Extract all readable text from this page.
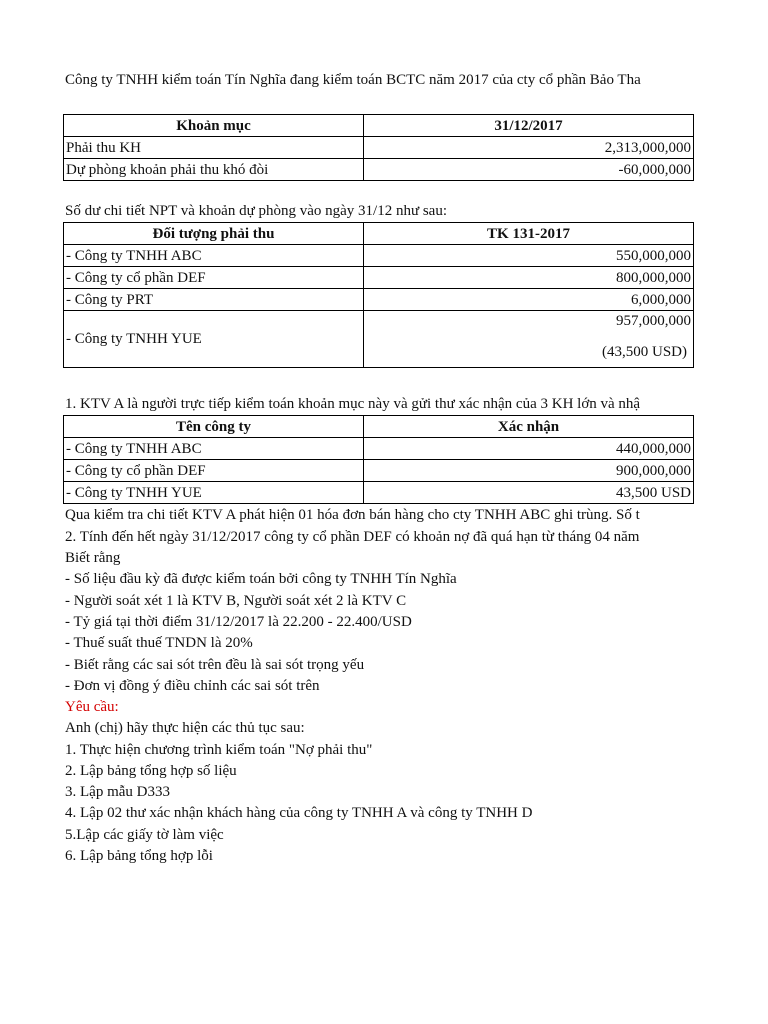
Công ty TNHH kiểm toán Tín Nghĩa đang kiểm toán BCTC năm 2017 của cty cổ phần Bảo Tha
Khoản mục	31/12/2017
Phải thu KH	2,313,000,000
Dự phòng khoản phải thu khó đòi	-60,000,000
Số dư chi tiết NPT và khoản dự phòng vào ngày 31/12 như sau:
Đối tượng phải thu	TK 131-2017
- Công ty TNHH ABC	550,000,000
- Công ty cổ phần DEF	800,000,000
- Công ty PRT	6,000,000
- Công ty TNHH YUE	957,000,000
(43,500 USD)
1. KTV A là người trực tiếp kiểm toán khoản mục này và gửi thư xác nhận của 3 KH lớn và nhậ
Tên công ty	Xác nhận
- Công ty TNHH ABC	440,000,000
- Công ty cổ phần DEF	900,000,000
- Công ty TNHH YUE	43,500 USD
Qua kiểm tra chi tiết KTV A phát hiện 01 hóa đơn bán hàng cho cty TNHH ABC ghi trùng. Số t
2. Tính đến hết ngày 31/12/2017 công ty cổ phần DEF có khoản nợ đã quá hạn từ tháng 04 năm
Biết rằng
- Số liệu đầu kỳ đã được kiểm toán bởi công ty TNHH Tín Nghĩa
- Người soát xét 1 là KTV B, Người soát xét 2 là KTV C
- Tỷ giá tại thời điểm 31/12/2017 là 22.200 - 22.400/USD
- Thuế suất thuế TNDN là 20%
- Biết rằng các sai sót trên đều là sai sót trọng yếu
- Đơn vị đồng ý điều chỉnh các sai sót trên
Yêu cầu:
Anh (chị) hãy thực hiện các thủ tục sau:
1. Thực hiện chương trình kiểm toán "Nợ phải thu"
2. Lập bảng tổng hợp số liệu
3. Lập mẫu D333
4. Lập 02 thư xác nhận khách hàng của công ty TNHH A và công ty TNHH D
5.Lập các giấy tờ làm việc
6. Lập bảng tổng hợp lỗi
